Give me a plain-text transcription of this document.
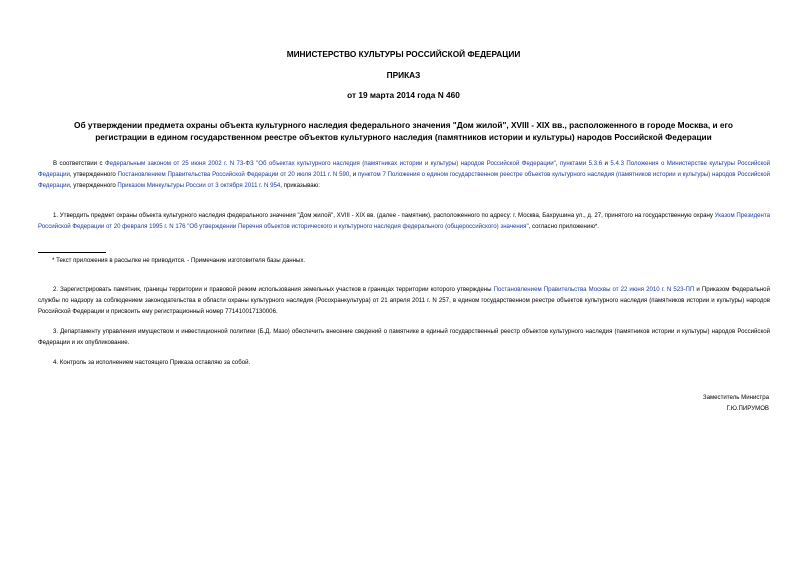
МИНИСТЕРСТВО КУЛЬТУРЫ РОССИЙСКОЙ ФЕДЕРАЦИИ
ПРИКАЗ
от 19 марта 2014 года N 460
Об утверждении предмета охраны объекта культурного наследия федерального значения "Дом жилой", XVIII - XIX вв., расположенного в городе Москва, и его регистрации в едином государственном реестре объектов культурного наследия (памятников истории и культуры) народов Российской Федерации
В соответствии с Федеральным законом от 25 июня 2002 г. N 73-ФЗ "Об объектах культурного наследия (памятниках истории и культуры) народов Российской Федерации", пунктами 5.3.6 и 5.4.3 Положения о Министерстве культуры Российской Федерации, утвержденного Постановлением Правительства Российской Федерации от 20 июля 2011 г. N 590, и пунктом 7 Положения о едином государственном реестре объектов культурного наследия (памятников истории и культуры) народов Российской Федерации, утвержденного Приказом Минкультуры России от 3 октября 2011 г. N 954, приказываю:
1. Утвердить предмет охраны объекта культурного наследия федерального значения "Дом жилой", XVIII - XIX вв. (далее - памятник), расположенного по адресу: г. Москва, Бахрушина ул., д. 27, принятого на государственную охрану Указом Президента Российской Федерации от 20 февраля 1995 г. N 176 "Об утверждении Перечня объектов исторического и культурного наследия федерального (общероссийского) значения", согласно приложению*.
* Текст приложения в рассылке не приводится. - Примечание изготовителя базы данных.
2. Зарегистрировать памятник, границы территории и правовой режим использования земельных участков в границах территории которого утверждены Постановлением Правительства Москвы от 22 июня 2010 г. N 523-ПП и Приказом Федеральной службы по надзору за соблюдением законодательства в области охраны культурного наследия (Росохранкультура) от 21 апреля 2011 г. N 257, в едином государственном реестре объектов культурного наследия (памятников истории и культуры) народов Российской Федерации и присвоить ему регистрационный номер 771410017130006.
3. Департаменту управления имуществом и инвестиционной политики (Б.Д. Мазо) обеспечить внесение сведений о памятнике в единый государственный реестр объектов культурного наследия (памятников истории и культуры) народов Российской Федерации и их опубликование.
4. Контроль за исполнением настоящего Приказа оставляю за собой.
Заместитель Министра
Г.Ю.ПИРУМОВ
